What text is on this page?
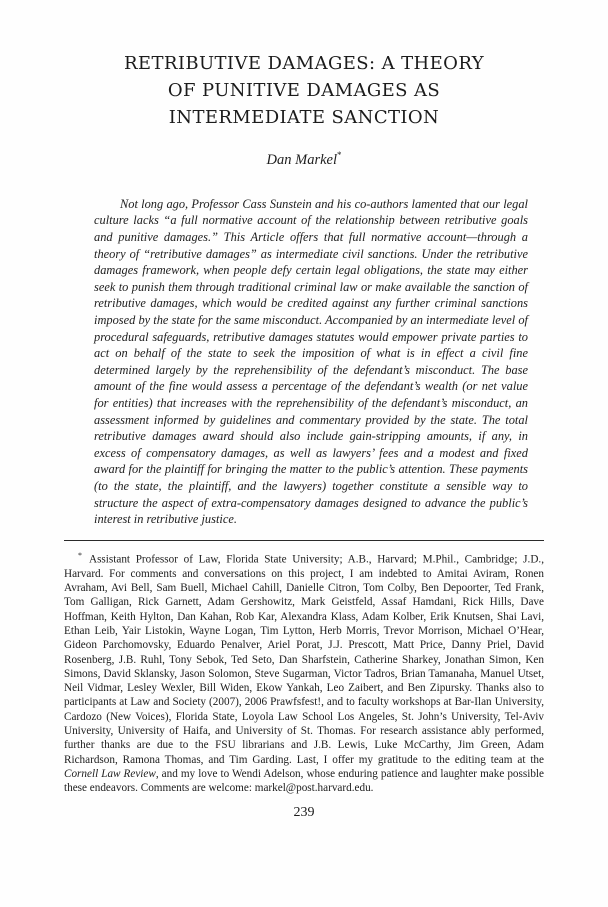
RETRIBUTIVE DAMAGES: A THEORY
OF PUNITIVE DAMAGES AS
INTERMEDIATE SANCTION
Dan Markel*

Not long ago, Professor Cass Sunstein and his co-authors lamented that our legal culture lacks “a full normative account of the relationship between retributive goals and punitive damages.” This Article offers that full normative account—through a theory of “retributive damages” as intermediate civil sanctions. Under the retributive damages framework, when people defy certain legal obligations, the state may either seek to punish them through traditional criminal law or make available the sanction of retributive damages, which would be credited against any further criminal sanctions imposed by the state for the same misconduct. Accompanied by an intermediate level of procedural safeguards, retributive damages statutes would empower private parties to act on behalf of the state to seek the imposition of what is in effect a civil fine determined largely by the reprehensibility of the defendant’s misconduct. The base amount of the fine would assess a percentage of the defendant’s wealth (or net value for entities) that increases with the reprehensibility of the defendant’s misconduct, an assessment informed by guidelines and commentary provided by the state. The total retributive damages award should also include gain-stripping amounts, if any, in excess of compensatory damages, as well as lawyers’ fees and a modest and fixed award for the plaintiff for bringing the matter to the public’s attention. These payments (to the state, the plaintiff, and the lawyers) together constitute a sensible way to structure the aspect of extra-compensatory damages designed to advance the public’s interest in retributive justice.

* Assistant Professor of Law, Florida State University; A.B., Harvard; M.Phil., Cambridge; J.D., Harvard. For comments and conversations on this project, I am indebted to Amitai Aviram, Ronen Avraham, Avi Bell, Sam Buell, Michael Cahill, Danielle Citron, Tom Colby, Ben Depoorter, Ted Frank, Tom Galligan, Rick Garnett, Adam Gershowitz, Mark Geistfeld, Assaf Hamdani, Rick Hills, Dave Hoffman, Keith Hylton, Dan Kahan, Rob Kar, Alexandra Klass, Adam Kolber, Erik Knutsen, Shai Lavi, Ethan Leib, Yair Listokin, Wayne Logan, Tim Lytton, Herb Morris, Trevor Morrison, Michael O’Hear, Gideon Parchomovsky, Eduardo Penalver, Ariel Porat, J.J. Prescott, Matt Price, Danny Priel, David Rosenberg, J.B. Ruhl, Tony Sebok, Ted Seto, Dan Sharfstein, Catherine Sharkey, Jonathan Simon, Ken Simons, David Sklansky, Jason Solomon, Steve Sugarman, Victor Tadros, Brian Tamanaha, Manuel Utset, Neil Vidmar, Lesley Wexler, Bill Widen, Ekow Yankah, Leo Zaibert, and Ben Zipursky. Thanks also to participants at Law and Society (2007), 2006 Prawfsfest!, and to faculty workshops at Bar-Ilan University, Cardozo (New Voices), Florida State, Loyola Law School Los Angeles, St. John’s University, Tel-Aviv University, University of Haifa, and University of St. Thomas. For research assistance ably performed, further thanks are due to the FSU librarians and J.B. Lewis, Luke McCarthy, Jim Green, Adam Richardson, Ramona Thomas, and Tim Garding. Last, I offer my gratitude to the editing team at the Cornell Law Review, and my love to Wendi Adelson, whose enduring patience and laughter make possible these endeavors. Comments are welcome: markel@post.harvard.edu.

239
